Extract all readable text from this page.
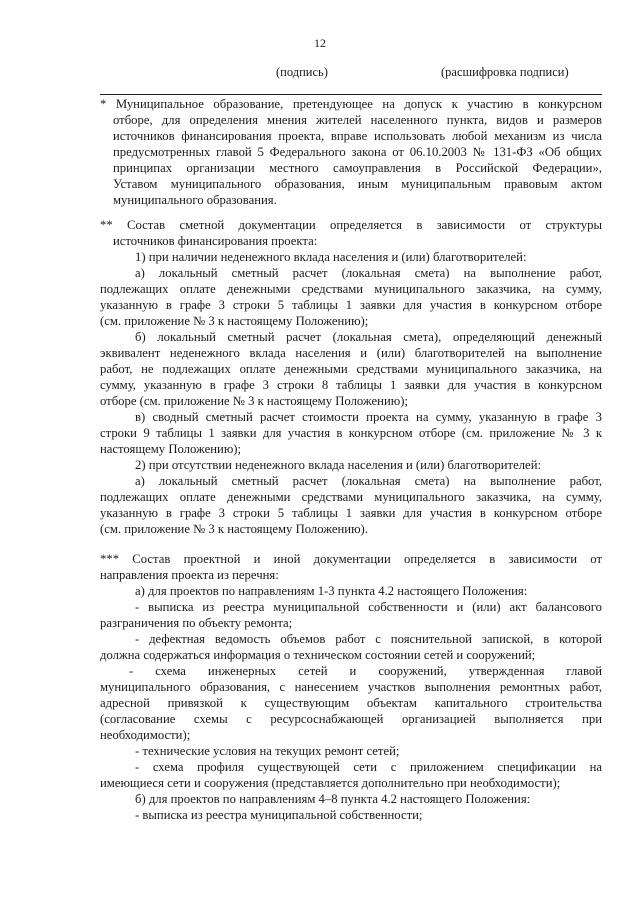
12
(подпись)	(расшифровка подписи)
* Муниципальное образование, претендующее на допуск к участию в конкурсном
отборе, для определения мнения жителей населенного пункта, видов и размеров
источников финансирования проекта, вправе использовать любой механизм из числа
предусмотренных главой 5 Федерального закона от 06.10.2003 № 131-ФЗ «Об общих
принципах организации местного самоуправления в Российской Федерации»,
Уставом муниципального образования, иным муниципальным правовым актом
муниципального образования.
** Состав сметной документации определяется в зависимости от структуры
источников финансирования проекта:
1) при наличии неденежного вклада населения и (или) благотворителей:
а) локальный сметный расчет (локальная смета) на выполнение работ,
подлежащих оплате денежными средствами муниципального заказчика, на сумму,
указанную в графе 3 строки 5 таблицы 1 заявки для участия в конкурсном отборе
(см. приложение № 3 к настоящему Положению);
б) локальный сметный расчет (локальная смета), определяющий денежный
эквивалент неденежного вклада населения и (или) благотворителей на выполнение
работ, не подлежащих оплате денежными средствами муниципального заказчика, на
сумму, указанную в графе 3 строки 8 таблицы 1 заявки для участия в конкурсном
отборе (см. приложение № 3 к настоящему Положению);
в) сводный сметный расчет стоимости проекта на сумму, указанную в графе 3
строки 9 таблицы 1 заявки для участия в конкурсном отборе (см. приложение № 3 к
настоящему Положению);
2) при отсутствии неденежного вклада населения и (или) благотворителей:
а) локальный сметный расчет (локальная смета) на выполнение работ,
подлежащих оплате денежными средствами муниципального заказчика, на сумму,
указанную в графе 3 строки 5 таблицы 1 заявки для участия в конкурсном отборе
(см. приложение № 3 к настоящему Положению).
*** Состав проектной и иной документации определяется в зависимости от
направления проекта из перечня:
а) для проектов по направлениям 1-3 пункта 4.2 настоящего Положения:
- выписка из реестра муниципальной собственности и (или) акт балансового
разграничения по объекту ремонта;
- дефектная ведомость объемов работ с пояснительной запиской, в которой
должна содержаться информация о техническом состоянии сетей и сооружений;
- схема инженерных сетей и сооружений, утвержденная главой
муниципального образования, с нанесением участков выполнения ремонтных работ,
адресной привязкой к существующим объектам капитального строительства
(согласование схемы с ресурсоснабжающей организацией выполняется при
необходимости);
- технические условия на текущих ремонт сетей;
- схема профиля существующей сети с приложением спецификации на
имеющиеся сети и сооружения (представляется дополнительно при необходимости);
б) для проектов по направлениям 4–8 пункта 4.2 настоящего Положения:
- выписка из реестра муниципальной собственности;
